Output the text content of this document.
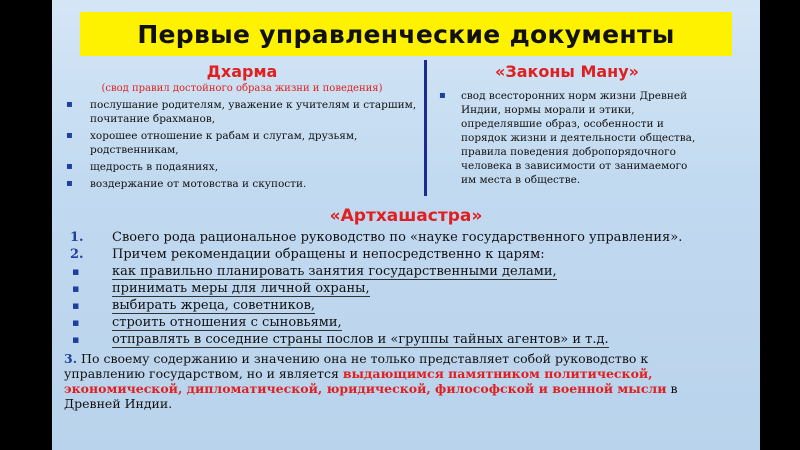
Первые управленческие документы
Дхарма
(свод правил достойного образа жизни и поведения)
▪ послушание родителям, уважение к учителям и старшим, почитание брахманов,
▪ хорошее отношение к рабам и слугам, друзьям, родственникам,
▪ щедрость в подаяниях,
▪ воздержание от мотовства и скупости.
«Законы Ману»
▪ свод всесторонних норм жизни Древней Индии, нормы морали и этики, определявшие образ, особенности и порядок жизни и деятельности общества, правила поведения добропорядочного человека в зависимости от занимаемого им места в обществе.
«Артхашастра»
1. Своего рода рациональное руководство по «науке государственного управления».
2. Причем рекомендации обращены и непосредственно к царям:
▪	как правильно планировать занятия государственными делами,
▪	принимать меры для личной охраны,
▪	выбирать жреца, советников,
▪	строить отношения с сыновьями,
▪	отправлять в соседние страны послов и «группы тайных агентов» и т.д.
3. По своему содержанию и значению она не только представляет собой руководство к управлению государством, но и является выдающимся памятником политической, экономической, дипломатической, юридической, философской и военной мысли в Древней Индии.
